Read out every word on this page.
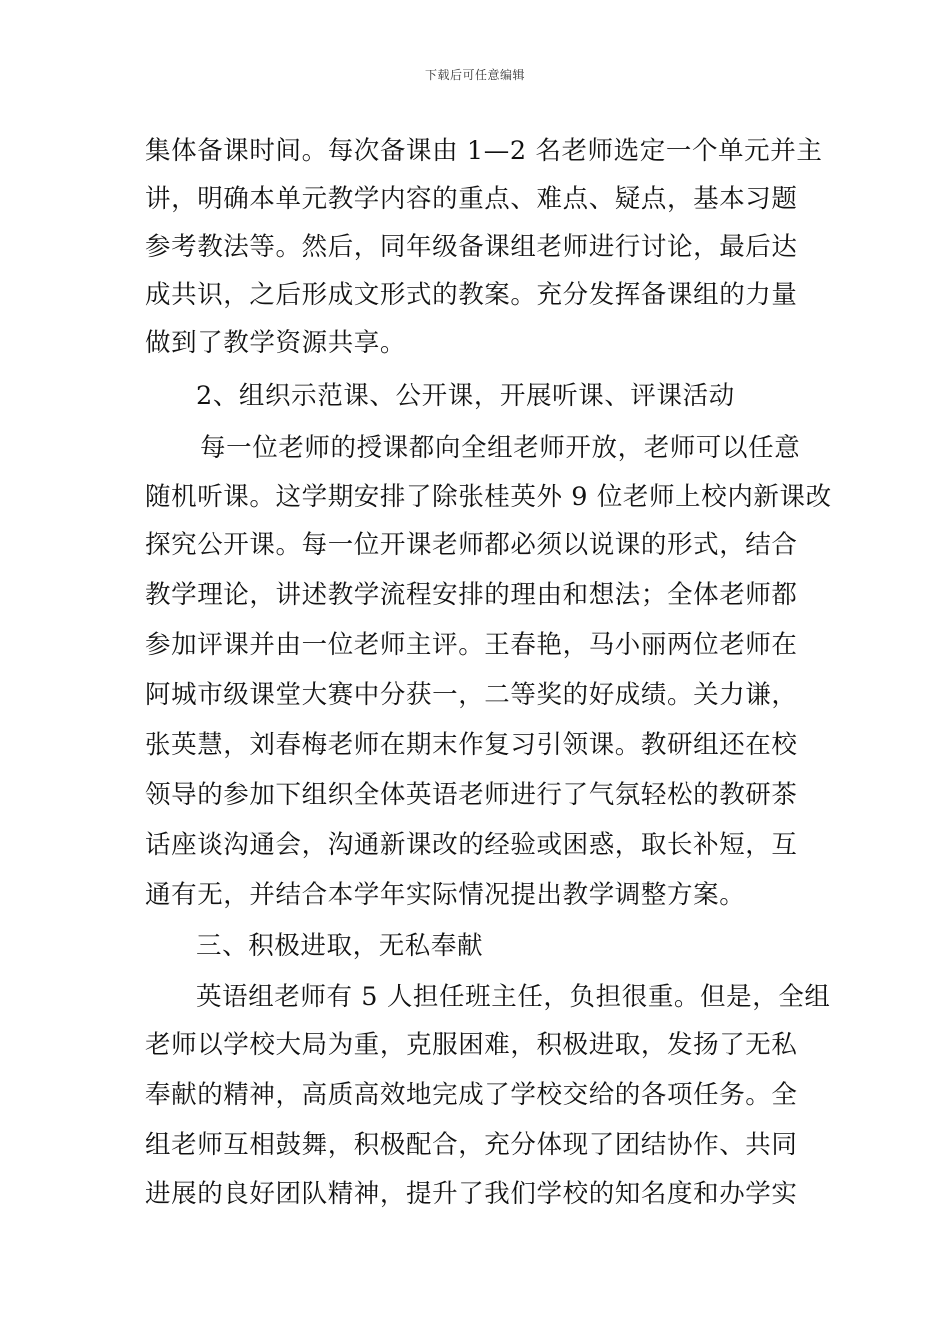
下载后可任意编辑
集体备课时间。每次备课由 1—2 名老师选定一个单元并主
讲，明确本单元教学内容的重点、难点、疑点，基本习题
参考教法等。然后，同年级备课组老师进行讨论，最后达
成共识，之后形成文形式的教案。充分发挥备课组的力量
做到了教学资源共享。
2、组织示范课、公开课，开展听课、评课活动
每一位老师的授课都向全组老师开放，老师可以任意
随机听课。这学期安排了除张桂英外 9 位老师上校内新课改
探究公开课。每一位开课老师都必须以说课的形式，结合
教学理论，讲述教学流程安排的理由和想法；全体老师都
参加评课并由一位老师主评。王春艳，马小丽两位老师在
阿城市级课堂大赛中分获一，二等奖的好成绩。关力谦，
张英慧，刘春梅老师在期末作复习引领课。教研组还在校
领导的参加下组织全体英语老师进行了气氛轻松的教研茶
话座谈沟通会，沟通新课改的经验或困惑，取长补短，互
通有无，并结合本学年实际情况提出教学调整方案。
三、积极进取，无私奉献
英语组老师有 5 人担任班主任，负担很重。但是，全组
老师以学校大局为重，克服困难，积极进取，发扬了无私
奉献的精神，高质高效地完成了学校交给的各项任务。全
组老师互相鼓舞，积极配合，充分体现了团结协作、共同
进展的良好团队精神，提升了我们学校的知名度和办学实
